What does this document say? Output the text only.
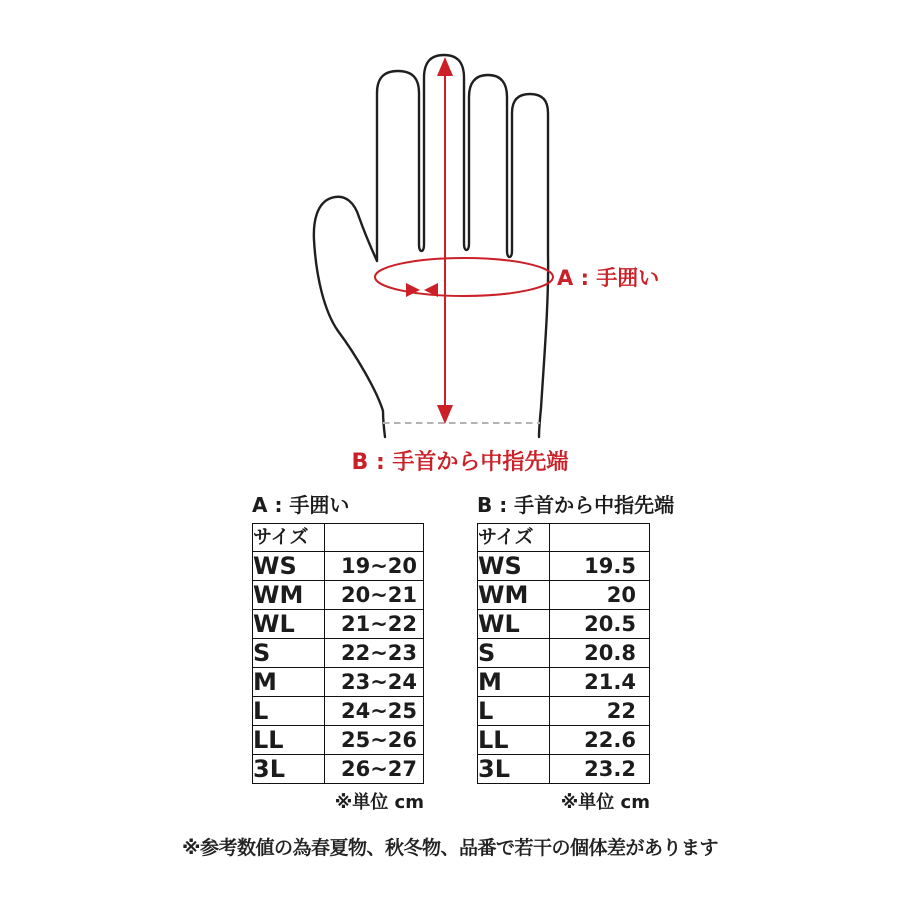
A : 手囲い
B : 手首から中指先端
A : 手囲い
サイズ	
WS	19~20
WM	20~21
WL	21~22
S	22~23
M	23~24
L	24~25
LL	25~26
3L	26~27
※単位 cm
B : 手首から中指先端
サイズ	
WS	19.5
WM	20
WL	20.5
S	20.8
M	21.4
L	22
LL	22.6
3L	23.2
※単位 cm
※参考数値の為春夏物、秋冬物、品番で若干の個体差があります
